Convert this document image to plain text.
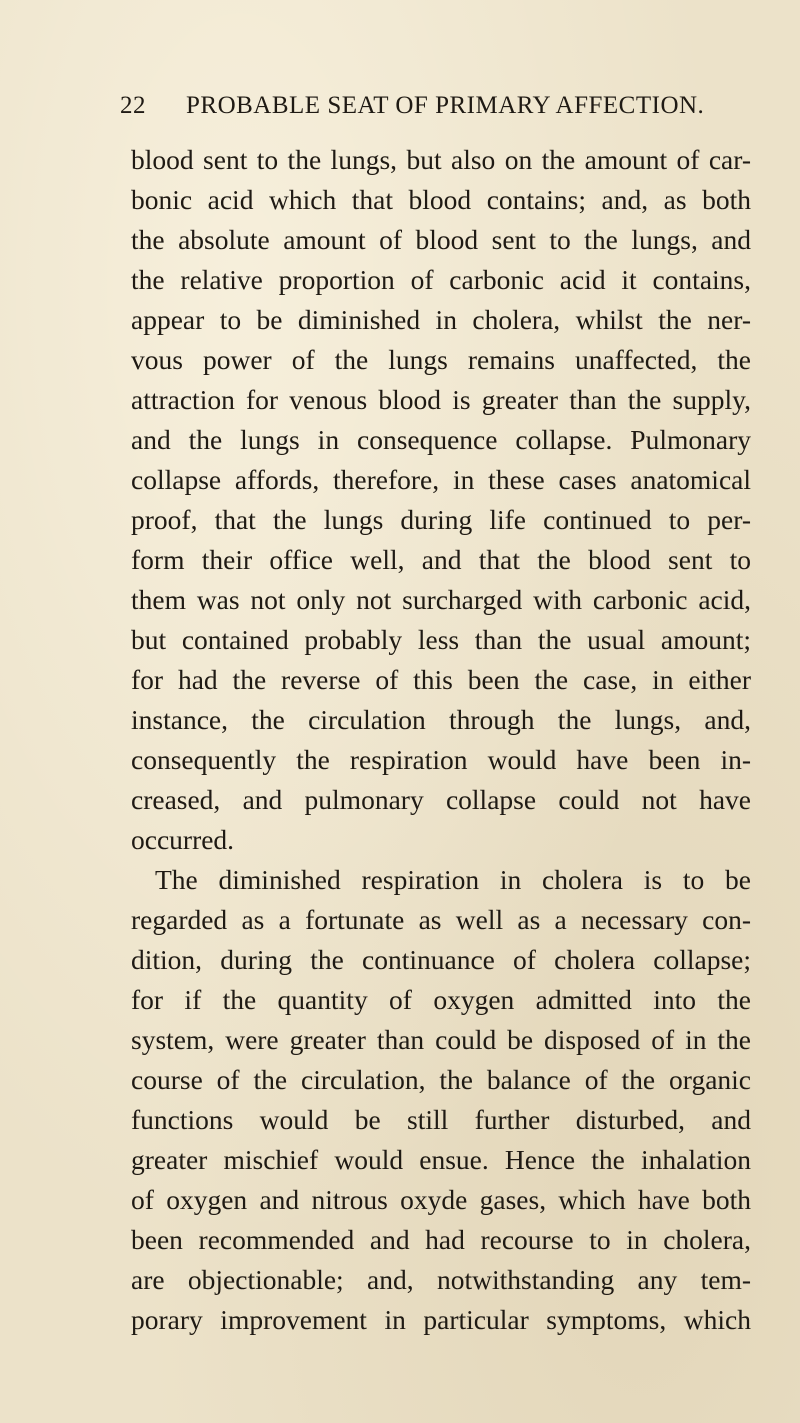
22 PROBABLE SEAT OF PRIMARY AFFECTION.
blood sent to the lungs, but also on the amount of car-
bonic acid which that blood contains; and, as both
the absolute amount of blood sent to the lungs, and
the relative proportion of carbonic acid it contains,
appear to be diminished in cholera, whilst the ner-
vous power of the lungs remains unaffected, the
attraction for venous blood is greater than the supply,
and the lungs in consequence collapse. Pulmonary
collapse affords, therefore, in these cases anatomical
proof, that the lungs during life continued to per-
form their office well, and that the blood sent to
them was not only not surcharged with carbonic acid,
but contained probably less than the usual amount;
for had the reverse of this been the case, in either
instance, the circulation through the lungs, and,
consequently the respiration would have been in-
creased, and pulmonary collapse could not have
occurred.
The diminished respiration in cholera is to be
regarded as a fortunate as well as a necessary con-
dition, during the continuance of cholera collapse;
for if the quantity of oxygen admitted into the
system, were greater than could be disposed of in the
course of the circulation, the balance of the organic
functions would be still further disturbed, and
greater mischief would ensue. Hence the inhalation
of oxygen and nitrous oxyde gases, which have both
been recommended and had recourse to in cholera,
are objectionable; and, notwithstanding any tem-
porary improvement in particular symptoms, which
